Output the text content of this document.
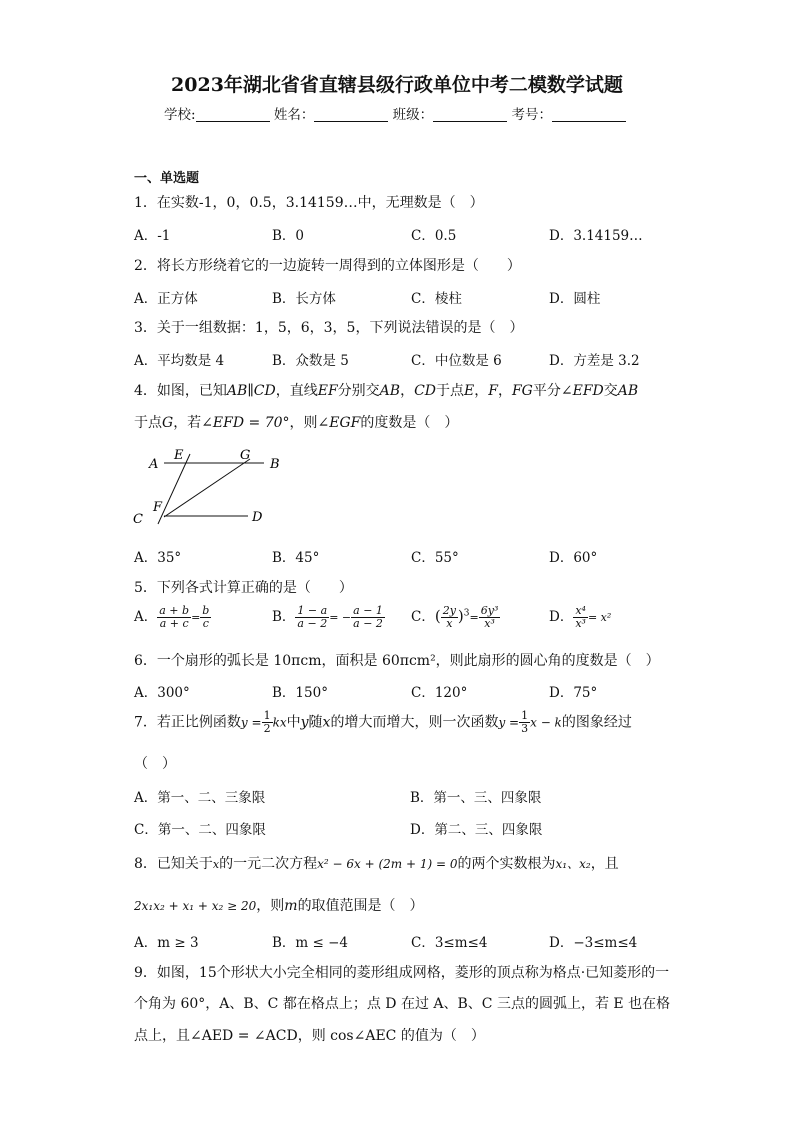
2023年湖北省省直辖县级行政单位中考二模数学试题
学校:	姓名：	班级：	考号：
一、单选题
1．在实数-1，0，0.5，3.14159…中，无理数是（　）
A．-1	B．0	C．0.5	D．3.14159…
2．将长方形绕着它的一边旋转一周得到的立体图形是（　　）
A．正方体	B．长方体	C．棱柱	D．圆柱
3．关于一组数据：1，5，6，3，5，下列说法错误的是（　）
A．平均数是 4	B．众数是 5	C．中位数是 6	D．方差是 3.2
4．如图，已知AB∥CD，直线EF分别交AB，CD于点E，F，FG平分∠EFD交AB
于点G，若∠EFD = 70°，则∠EGF的度数是（　）
A
E	G
B
F
C	D
A．35°	B．45°	C．55°	D．60°
5．下列各式计算正确的是（　　）
A． $\frac{a + b}{a + c} = \frac{b}{c}$	B． $\frac{1 - a}{a - 2}$ = − $\frac{a - 1}{a - 2}$ C．( $\frac{2y}{x} )^3= \frac{\text{6y³}}{\text{x³}}$	D． $\frac{\text{x⁴}}{\text{x³}} = x^2$
6．一个扇形的弧长是 10πcm，面积是 60πcm²，则此扇形的圆心角的度数是（　）
A．300°	B．150°	C．120°	D．75°
7．若正比例函数$y = \frac{1}{2}$ kx中y随x的增大而增大，则一次函数$y = \frac{1}{3}$ x − k的图象经过
（　）
A．第一、二、三象限	B．第一、三、四象限
C．第一、二、四象限	D．第二、三、四象限
8．已知关于x的一元二次方程x² − 6x + (2m + 1) = 0的两个实数根为x₁、x₂，且
2x₁x₂ + x₁ + x₂ ≥ 20，则m的取值范围是（　）
A．m ≥ 3	B．m ≤ −4	C．3≤m≤4	D．−3≤m≤4
9．如图，15个形状大小完全相同的菱形组成网格，菱形的顶点称为格点·已知菱形的一
个角为 60°，A、B、C 都在格点上；点 D 在过 A、B、C 三点的圆弧上，若 E 也在格
点上，且∠AED = ∠ACD，则 cos∠AEC 的值为（　）
